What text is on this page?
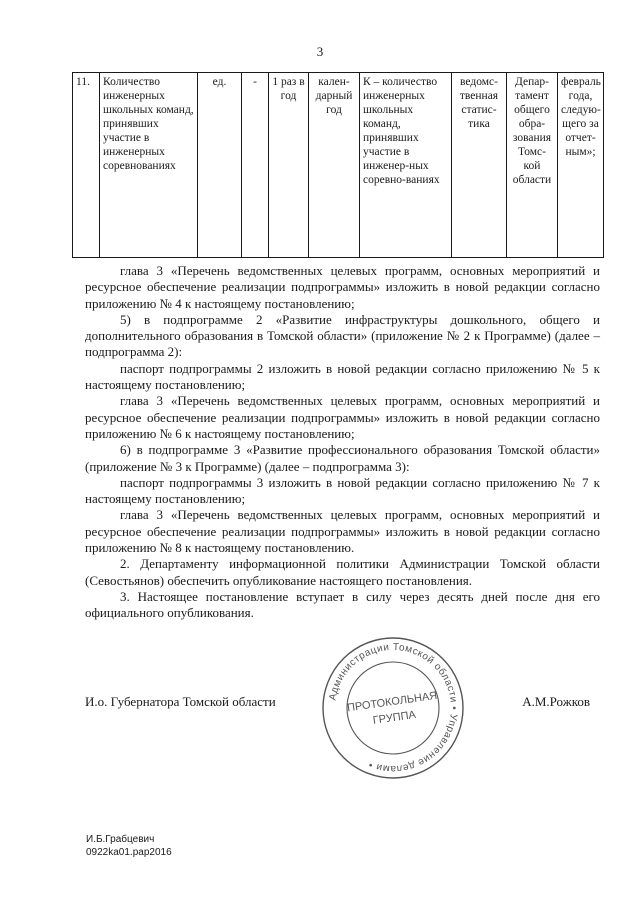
3
11.	Количество инженерных школьных команд, принявших участие в инженерных соревнованиях	ед.	-	1 раз в год	кален-дарный год	К – количество инженерных школьных команд, принявших участие в инженер-ных соревно-ваниях	ведомс-твенная статис-тика	Депар-тамент общего обра-зования Томс-кой области	февраль года, следую-щего за отчет-ным»;

глава 3 «Перечень ведомственных целевых программ, основных мероприятий и ресурсное обеспечение реализации подпрограммы» изложить в новой редакции согласно приложению № 4 к настоящему постановлению;

5) в подпрограмме 2 «Развитие инфраструктуры дошкольного, общего и дополнительного образования в Томской области» (приложение № 2 к Программе) (далее – подпрограмма 2):

паспорт подпрограммы 2 изложить в новой редакции согласно приложению № 5 к настоящему постановлению;

глава 3 «Перечень ведомственных целевых программ, основных мероприятий и ресурсное обеспечение реализации подпрограммы» изложить в новой редакции согласно приложению № 6 к настоящему постановлению;

6) в подпрограмме 3 «Развитие профессионального образования Томской области» (приложение № 3 к Программе) (далее – подпрограмма 3):

паспорт подпрограммы 3 изложить в новой редакции согласно приложению № 7 к настоящему постановлению;

глава 3 «Перечень ведомственных целевых программ, основных мероприятий и ресурсное обеспечение реализации подпрограммы» изложить в новой редакции согласно приложению № 8 к настоящему постановлению.

2. Департаменту информационной политики Администрации Томской области (Севостьянов) обеспечить опубликование настоящего постановления.

3. Настоящее постановление вступает в силу через десять дней после дня его официального опубликования.

И.о. Губернатора Томской области	А.М.Рожков
Администрации Томской области • Управление делами •
ПРОТОКОЛЬНАЯ
ГРУППА
И.Б.Грабцевич
0922ka01.pap2016
